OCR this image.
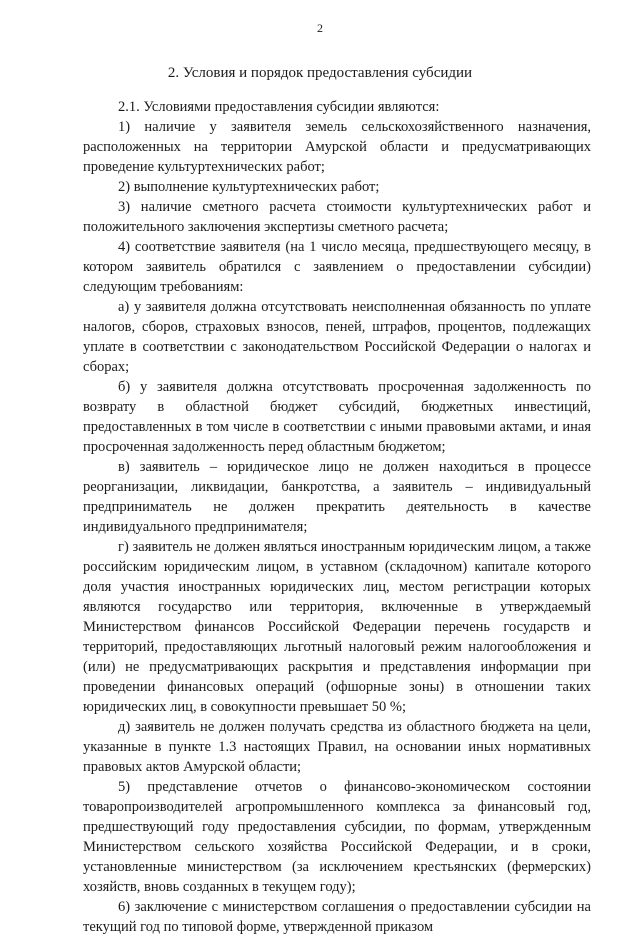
2
2. Условия и порядок предоставления субсидии

2.1. Условиями предоставления субсидии являются:

1) наличие у заявителя земель сельскохозяйственного назначения, расположенных на территории Амурской области и предусматривающих проведение культуртехнических работ;

2) выполнение культуртехнических работ;

3) наличие сметного расчета стоимости культуртехнических работ и положительного заключения экспертизы сметного расчета;

4) соответствие заявителя (на 1 число месяца, предшествующего месяцу, в котором заявитель обратился с заявлением о предоставлении субсидии) следующим требованиям:

а) у заявителя должна отсутствовать неисполненная обязанность по уплате налогов, сборов, страховых взносов, пеней, штрафов, процентов, подлежащих уплате в соответствии с законодательством Российской Федерации о налогах и сборах;

б) у заявителя должна отсутствовать просроченная задолженность по возврату в областной бюджет субсидий, бюджетных инвестиций, предоставленных в том числе в соответствии с иными правовыми актами, и иная просроченная задолженность перед областным бюджетом;

в) заявитель – юридическое лицо не должен находиться в процессе реорганизации, ликвидации, банкротства, а заявитель – индивидуальный предприниматель не должен прекратить деятельность в качестве индивидуального предпринимателя;

г) заявитель не должен являться иностранным юридическим лицом, а также российским юридическим лицом, в уставном (складочном) капитале которого доля участия иностранных юридических лиц, местом регистрации которых являются государство или территория, включенные в утверждаемый Министерством финансов Российской Федерации перечень государств и территорий, предоставляющих льготный налоговый режим налогообложения и (или) не предусматривающих раскрытия и представления информации при проведении финансовых операций (офшорные зоны) в отношении таких юридических лиц, в совокупности превышает 50 %;

д) заявитель не должен получать средства из областного бюджета на цели, указанные в пункте 1.3 настоящих Правил, на основании иных нормативных правовых актов Амурской области;

5) представление отчетов о финансово-экономическом состоянии товаропроизводителей агропромышленного комплекса за финансовый год, предшествующий году предоставления субсидии, по формам, утвержденным Министерством сельского хозяйства Российской Федерации, и в сроки, установленные министерством (за исключением крестьянских (фермерских) хозяйств, вновь созданных в текущем году);

6) заключение с министерством соглашения о предоставлении субсидии на текущий год по типовой форме, утвержденной приказом
